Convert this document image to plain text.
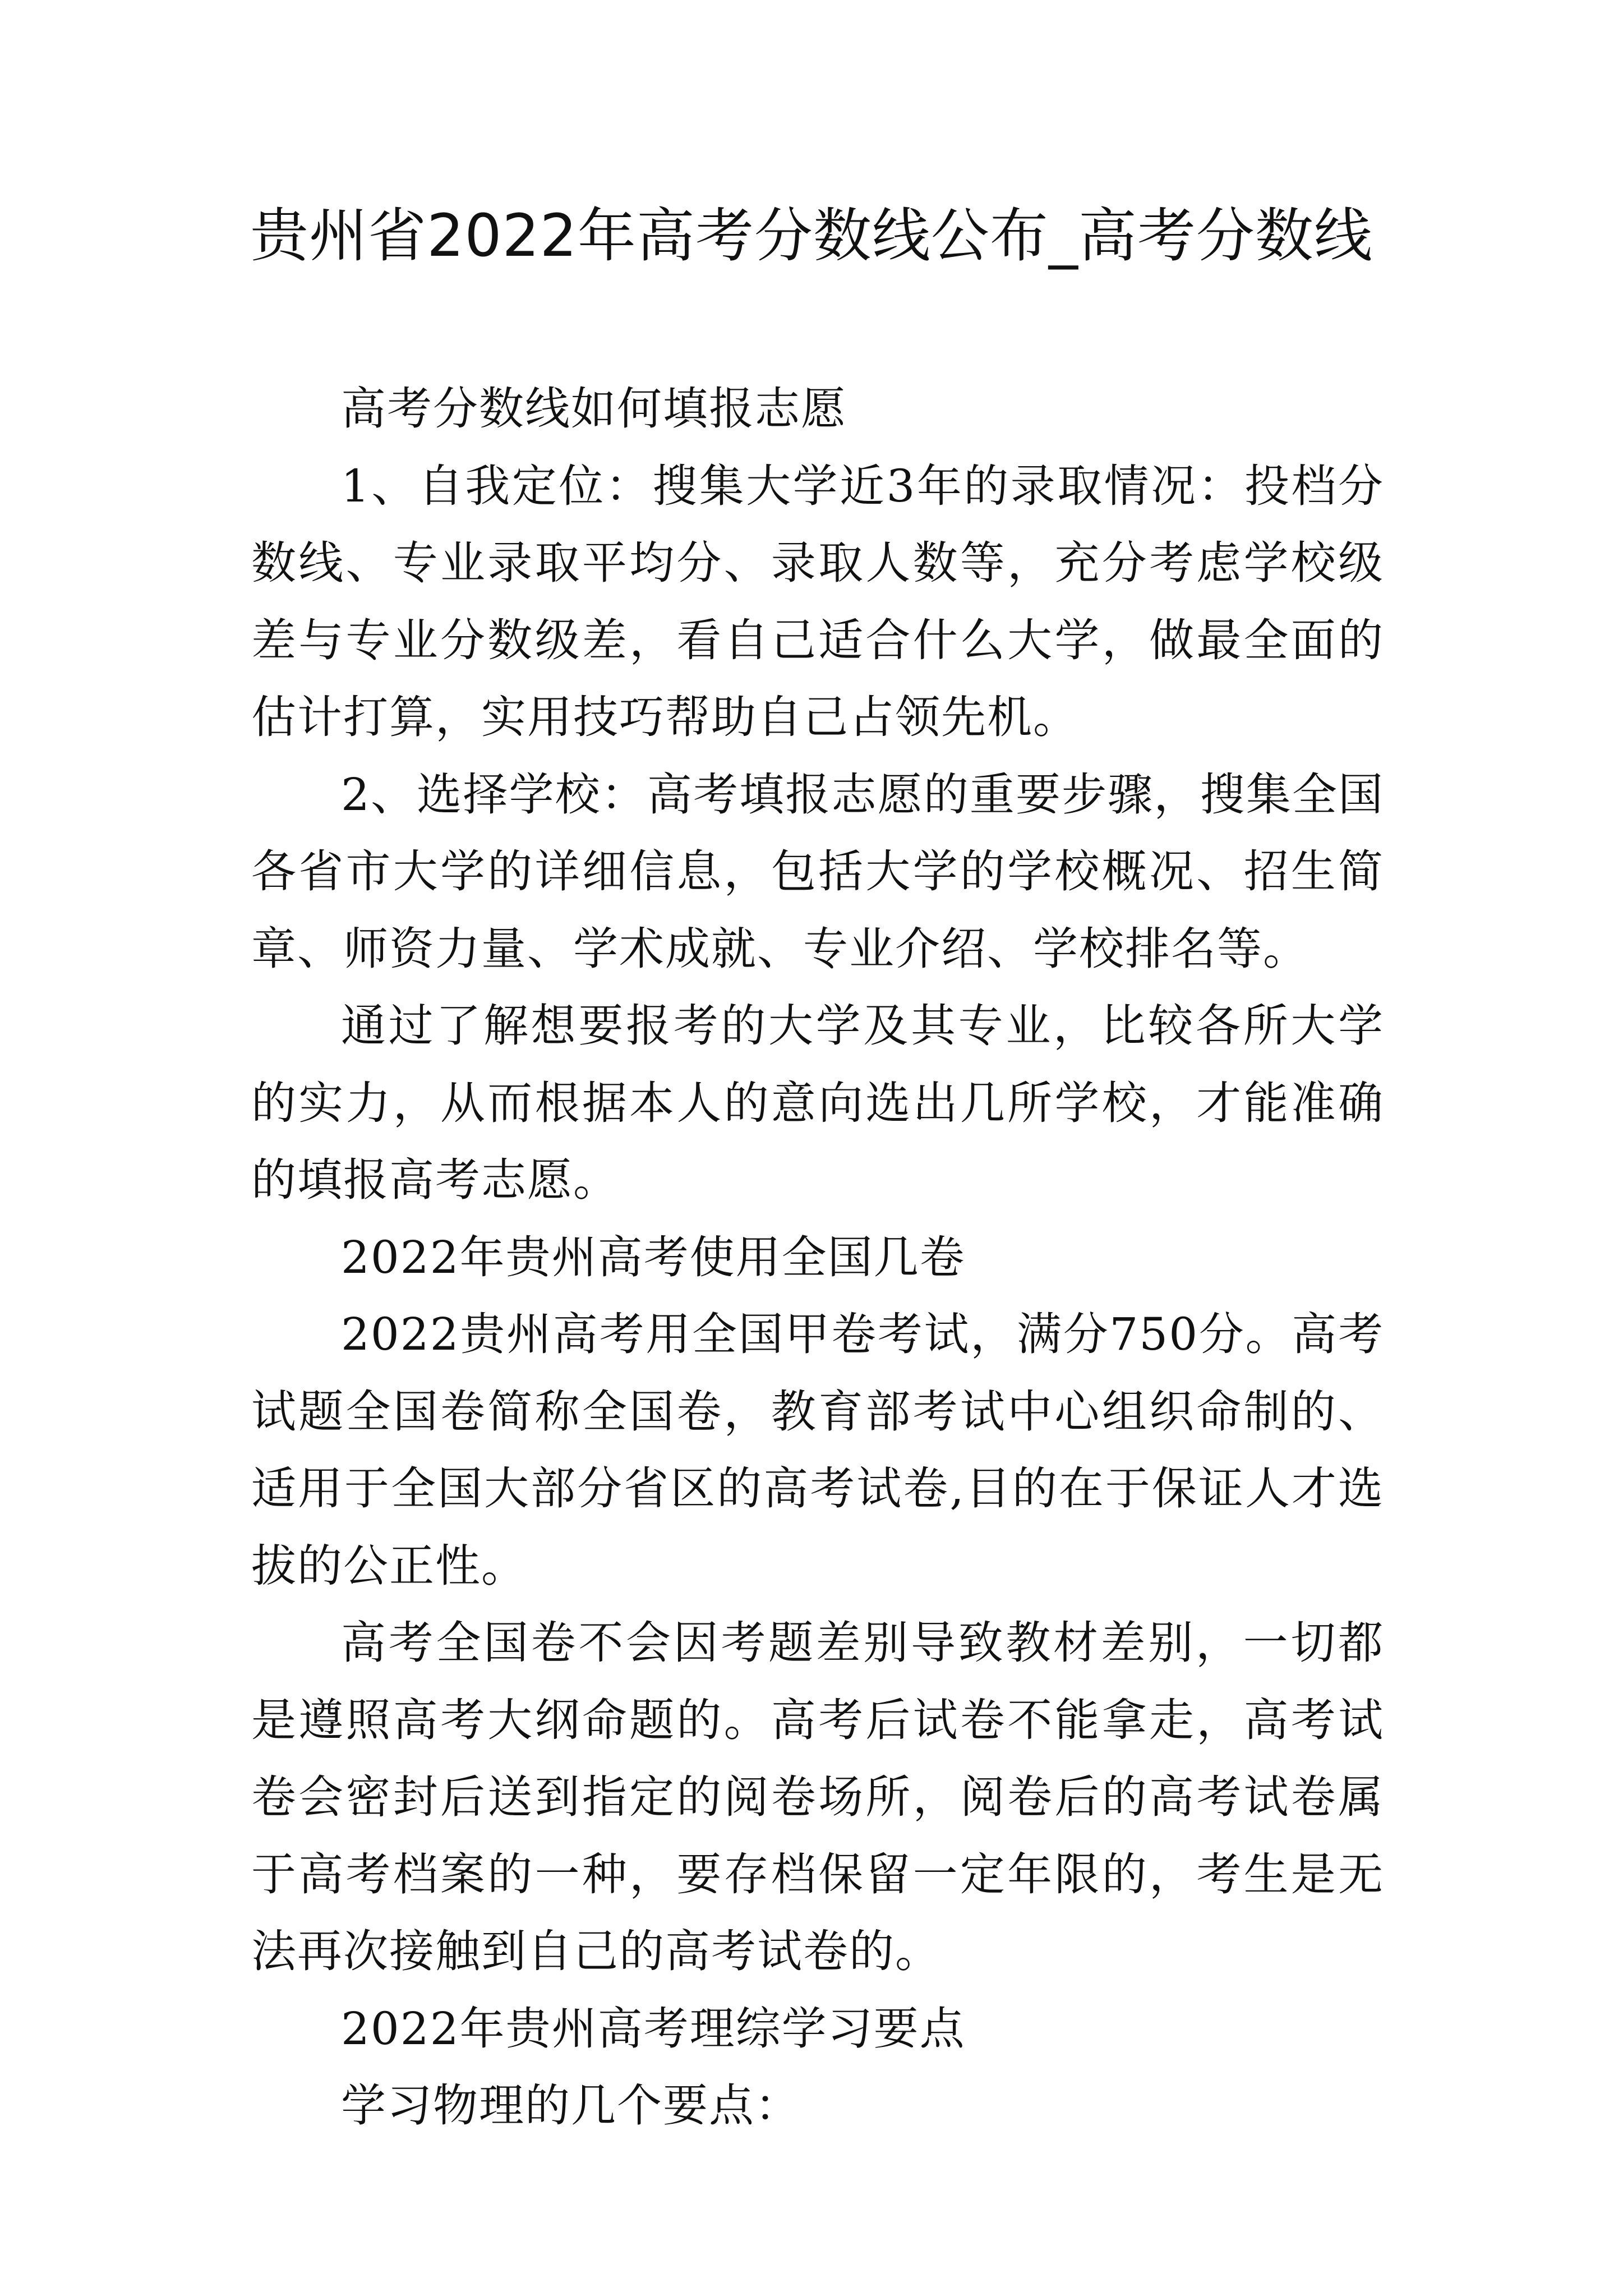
贵州省2022年高考分数线公布_高考分数线

高考分数线如何填报志愿

1、自我定位：搜集大学近3年的录取情况：投档分数线、专业录取平均分、录取人数等，充分考虑学校级差与专业分数级差，看自己适合什么大学，做最全面的估计打算，实用技巧帮助自己占领先机。

2、选择学校：高考填报志愿的重要步骤，搜集全国各省市大学的详细信息，包括大学的学校概况、招生简章、师资力量、学术成就、专业介绍、学校排名等。

通过了解想要报考的大学及其专业，比较各所大学的实力，从而根据本人的意向选出几所学校，才能准确的填报高考志愿。

2022年贵州高考使用全国几卷

2022贵州高考用全国甲卷考试，满分750分。高考试题全国卷简称全国卷，教育部考试中心组织命制的、适用于全国大部分省区的高考试卷,目的在于保证人才选拔的公正性。

高考全国卷不会因考题差别导致教材差别，一切都是遵照高考大纲命题的。高考后试卷不能拿走，高考试卷会密封后送到指定的阅卷场所，阅卷后的高考试卷属于高考档案的一种，要存档保留一定年限的，考生是无法再次接触到自己的高考试卷的。

2022年贵州高考理综学习要点

学习物理的几个要点：
